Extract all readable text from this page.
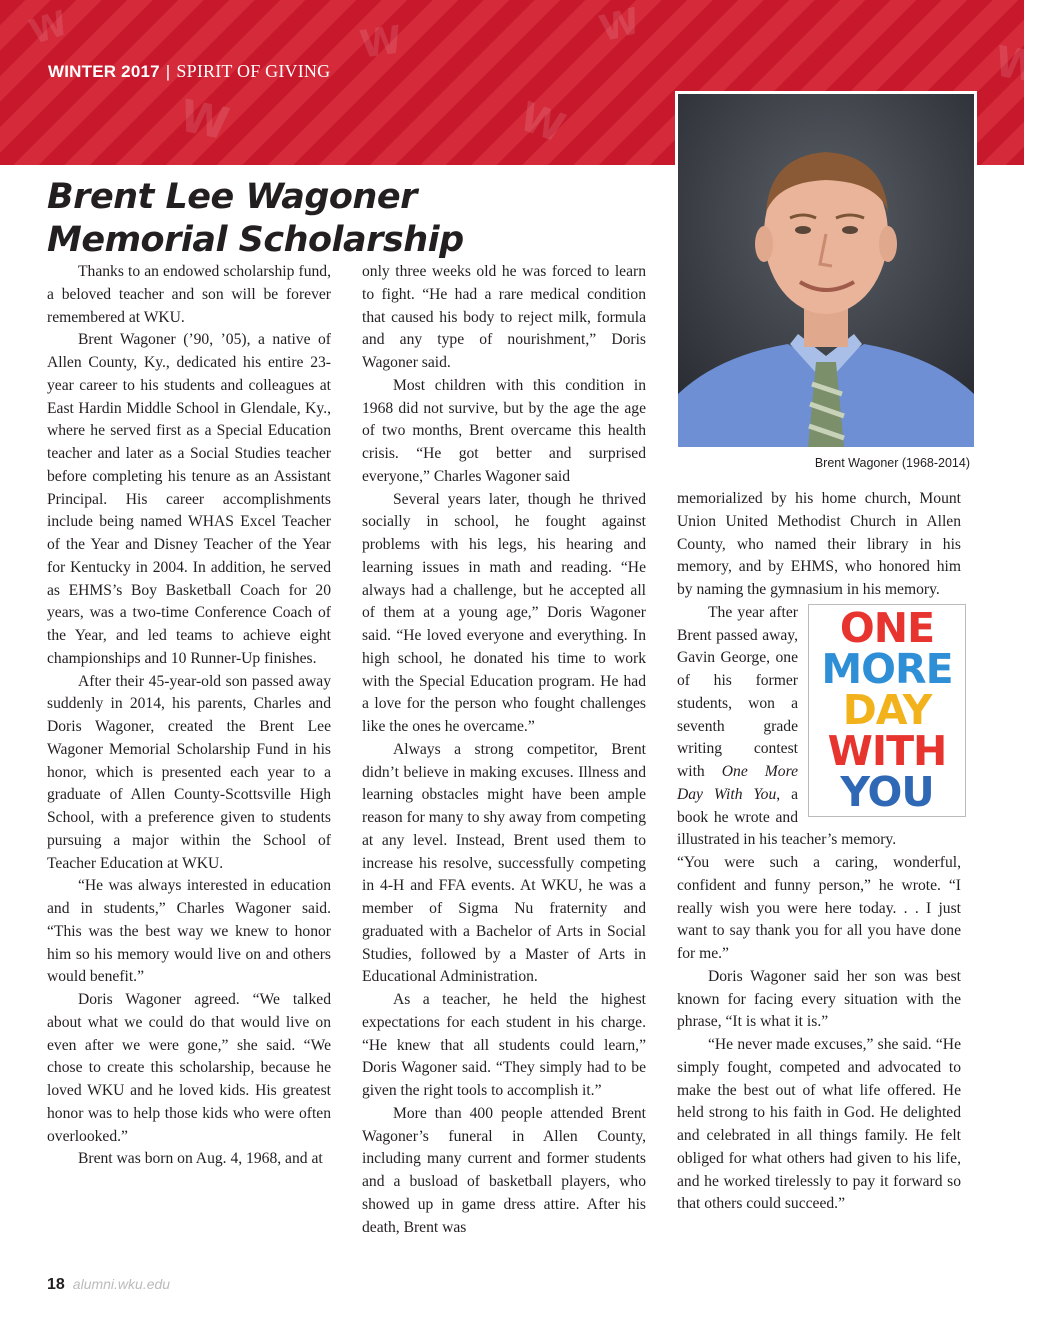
W
W
W
W
W
W
WINTER 2017 | SPIRIT OF GIVING
Brent Lee Wagoner
Memorial Scholarship

Thanks to an endowed scholarship fund, a beloved teacher and son will be forever remembered at WKU.

Brent Wagoner (’90, ’05), a native of Allen County, Ky., dedicated his entire 23-year career to his students and colleagues at East Hardin Middle School in Glendale, Ky., where he served first as a Special Education teacher and later as a Social Studies teacher before completing his tenure as an Assistant Principal. His career accomplishments include being named WHAS Excel Teacher of the Year and Disney Teacher of the Year for Kentucky in 2004. In addition, he served as EHMS’s Boy Basketball Coach for 20 years, was a two-time Conference Coach of the Year, and led teams to achieve eight championships and 10 Runner-Up finishes.

After their 45-year-old son passed away suddenly in 2014, his parents, Charles and Doris Wagoner, created the Brent Lee Wagoner Memorial Scholarship Fund in his honor, which is presented each year to a graduate of Allen County-Scottsville High School, with a preference given to students pursuing a major within the School of Teacher Education at WKU.

“He was always interested in education and in students,” Charles Wagoner said. “This was the best way we knew to honor him so his memory would live on and others would benefit.”

Doris Wagoner agreed. “We talked about what we could do that would live on even after we were gone,” she said. “We chose to create this scholarship, because he loved WKU and he loved kids. His greatest honor was to help those kids who were often overlooked.”

Brent was born on Aug. 4, 1968, and at

only three weeks old he was forced to learn to fight. “He had a rare medical condition that caused his body to reject milk, formula and any type of nourishment,” Doris Wagoner said.

Most children with this condition in 1968 did not survive, but by the age the age of two months, Brent overcame this health crisis. “He got better and surprised everyone,” Charles Wagoner said

Several years later, though he thrived socially in school, he fought against problems with his legs, his hearing and learning issues in math and reading. “He always had a challenge, but he accepted all of them at a young age,” Doris Wagoner said. “He loved everyone and everything. In high school, he donated his time to work with the Special Education program. He had a love for the person who fought challenges like the ones he overcame.”

Always a strong competitor, Brent didn’t believe in making excuses. Illness and learning obstacles might have been ample reason for many to shy away from competing at any level. Instead, Brent used them to increase his resolve, successfully competing in 4-H and FFA events. At WKU, he was a member of Sigma Nu fraternity and graduated with a Bachelor of Arts in Social Studies, followed by a Master of Arts in Educational Administration.

As a teacher, he held the highest expectations for each student in his charge. “He knew that all students could learn,” Doris Wagoner said. “They simply had to be given the right tools to accomplish it.”

More than 400 people attended Brent Wagoner’s funeral in Allen County, including many current and former students and a busload of basketball players, who showed up in game dress attire. After his death, Brent was

Brent Wagoner (1968-2014)

memorialized by his home church, Mount Union United Methodist Church in Allen County, who named their library in his memory, and by EHMS, who honored him by naming the gymnasium in his memory.

ONE
MORE
DAY
WITH
YOU
The year after Brent passed away, Gavin George, one of his former students, won a seventh grade writing contest with One More Day With You, a book he wrote and illustrated in his teacher’s memory.

“You were such a caring, wonderful, confident and funny person,” he wrote. “I really wish you were here today. . . I just want to say thank you for all you have done for me.”

Doris Wagoner said her son was best known for facing every situation with the phrase, “It is what it is.”

“He never made excuses,” she said. “He simply fought, competed and advocated to make the best out of what life offered. He held strong to his faith in God. He delighted and celebrated in all things family. He felt obliged for what others had given to his life, and he worked tirelessly to pay it forward so that others could succeed.”

18 alumni.wku.edu
